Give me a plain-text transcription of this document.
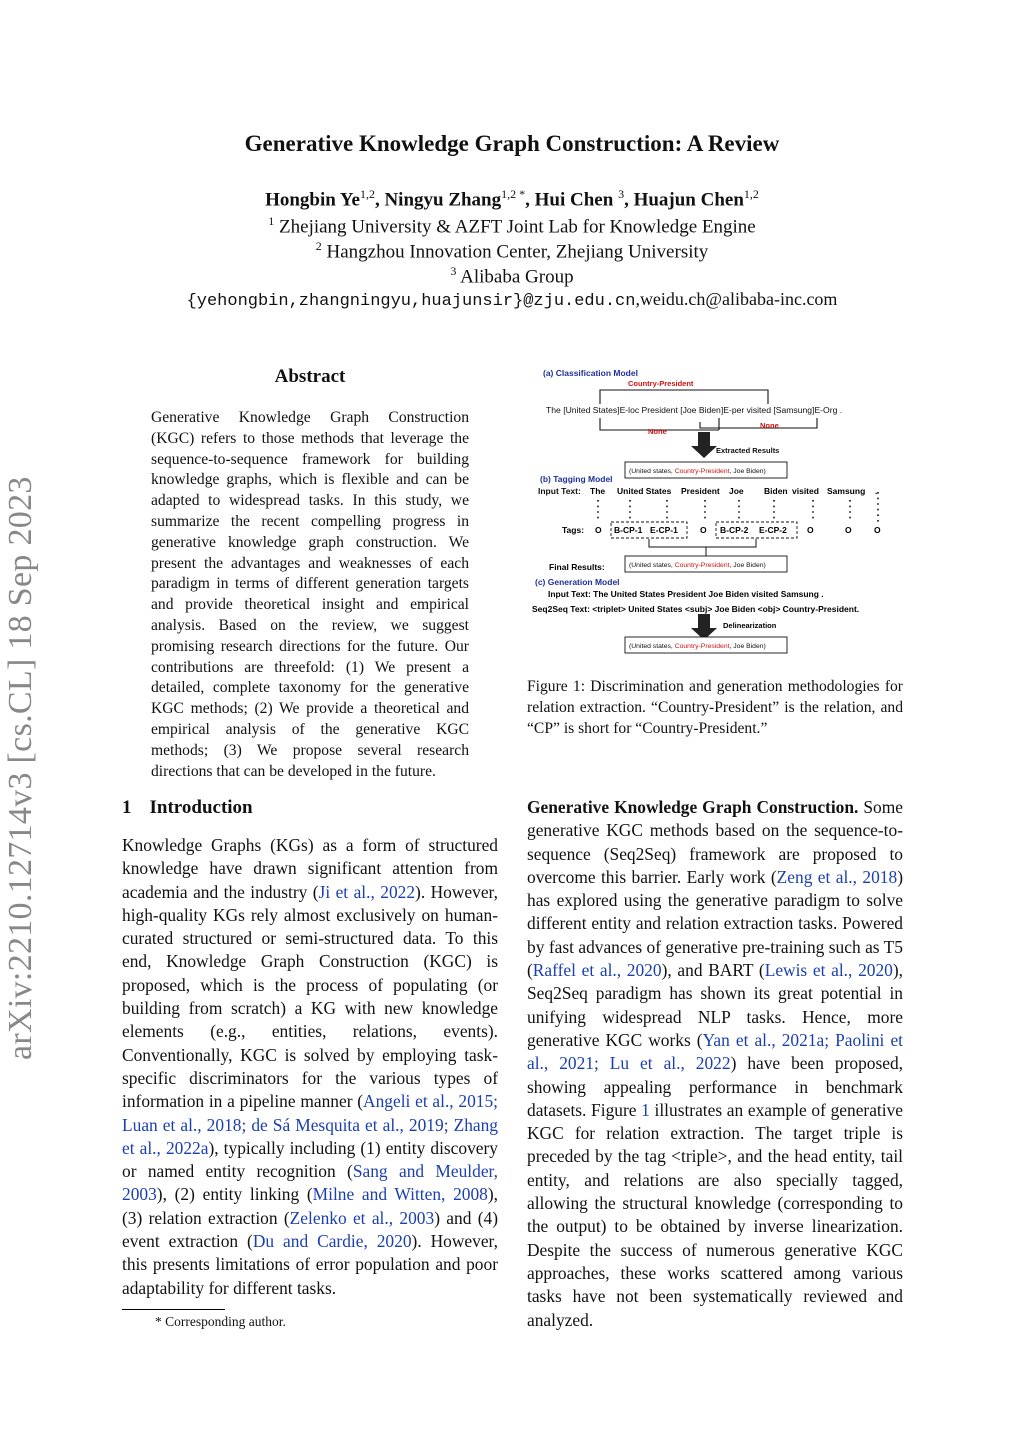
arXiv:2210.12714v3 [cs.CL] 18 Sep 2023
Generative Knowledge Graph Construction: A Review
Hongbin Ye$^{1,2}$, Ningyu Zhang$^{1,2 *}$, Hui Chen $^3$, Huajun Chen$^{1,2}$
$^1$ Zhejiang University & AZFT Joint Lab for Knowledge Engine
$^2$ Hangzhou Innovation Center, Zhejiang University
$^3$ Alibaba Group
{yehongbin,zhangningyu,huajunsir}@zju.edu.cn,weidu.ch@alibaba-inc.com
Abstract
Generative Knowledge Graph Construction (KGC) refers to those methods that leverage the sequence-to-sequence framework for building knowledge graphs, which is flexible and can be adapted to widespread tasks. In this study, we summarize the recent compelling progress in generative knowledge graph construction. We present the advantages and weaknesses of each paradigm in terms of different generation targets and provide theoretical insight and empirical analysis. Based on the review, we suggest promising research directions for the future. Our contributions are threefold: (1) We present a detailed, complete taxonomy for the generative KGC methods; (2) We provide a theoretical and empirical analysis of the generative KGC methods; (3) We propose several research directions that can be developed in the future.
1 Introduction
Knowledge Graphs (KGs) as a form of structured knowledge have drawn significant attention from academia and the industry (Ji et al., 2022). However, high-quality KGs rely almost exclusively on human-curated structured or semi-structured data. To this end, Knowledge Graph Construction (KGC) is proposed, which is the process of populating (or building from scratch) a KG with new knowledge elements (e.g., entities, relations, events). Conventionally, KGC is solved by employing task-specific discriminators for the various types of information in a pipeline manner (Angeli et al., 2015; Luan et al., 2018; de Sá Mesquita et al., 2019; Zhang et al., 2022a), typically including (1) entity discovery or named entity recognition (Sang and Meulder, 2003), (2) entity linking (Milne and Witten, 2008), (3) relation extraction (Zelenko et al., 2003) and (4) event extraction (Du and Cardie, 2020). However, this presents limitations of error population and poor adaptability for different tasks.
* Corresponding author.
Generative Knowledge Graph Construction. Some generative KGC methods based on the sequence-to-sequence (Seq2Seq) framework are proposed to overcome this barrier. Early work (Zeng et al., 2018) has explored using the generative paradigm to solve different entity and relation extraction tasks. Powered by fast advances of generative pre-training such as T5 (Raffel et al., 2020), and BART (Lewis et al., 2020), Seq2Seq paradigm has shown its great potential in unifying widespread NLP tasks. Hence, more generative KGC works (Yan et al., 2021a; Paolini et al., 2021; Lu et al., 2022) have been proposed, showing appealing performance in benchmark datasets. Figure 1 illustrates an example of generative KGC for relation extraction. The target triple is preceded by the tag <triple>, and the head entity, tail entity, and relations are also specially tagged, allowing the structural knowledge (corresponding to the output) to be obtained by inverse linearization. Despite the success of numerous generative KGC approaches, these works scattered among various tasks have not been systematically reviewed and analyzed.
(a) Classification Model
Country-President
The [United States]E-loc President [Joe Biden]E-per visited [Samsung]E-Org .
None
None
Extracted Results
(United states, Country-President, Joe Biden)
(b) Tagging Model
Input Text: The United States President Joe Biden visited Samsung .
Tags: O B-CP-1 E-CP-1	O B-CP-2 E-CP-2 O	O	O
Final Results:	(United states, Country-President, Joe Biden)
(c) Generation Model
Input Text: The United States President Joe Biden visited Samsung .
Seq2Seq Text: <triplet> United States <subj> Joe Biden <obj> Country-President.
Delinearization
(United states, Country-President, Joe Biden)
Figure 1: Discrimination and generation methodologies for relation extraction. “Country-President” is the relation, and “CP” is short for “Country-President.”
